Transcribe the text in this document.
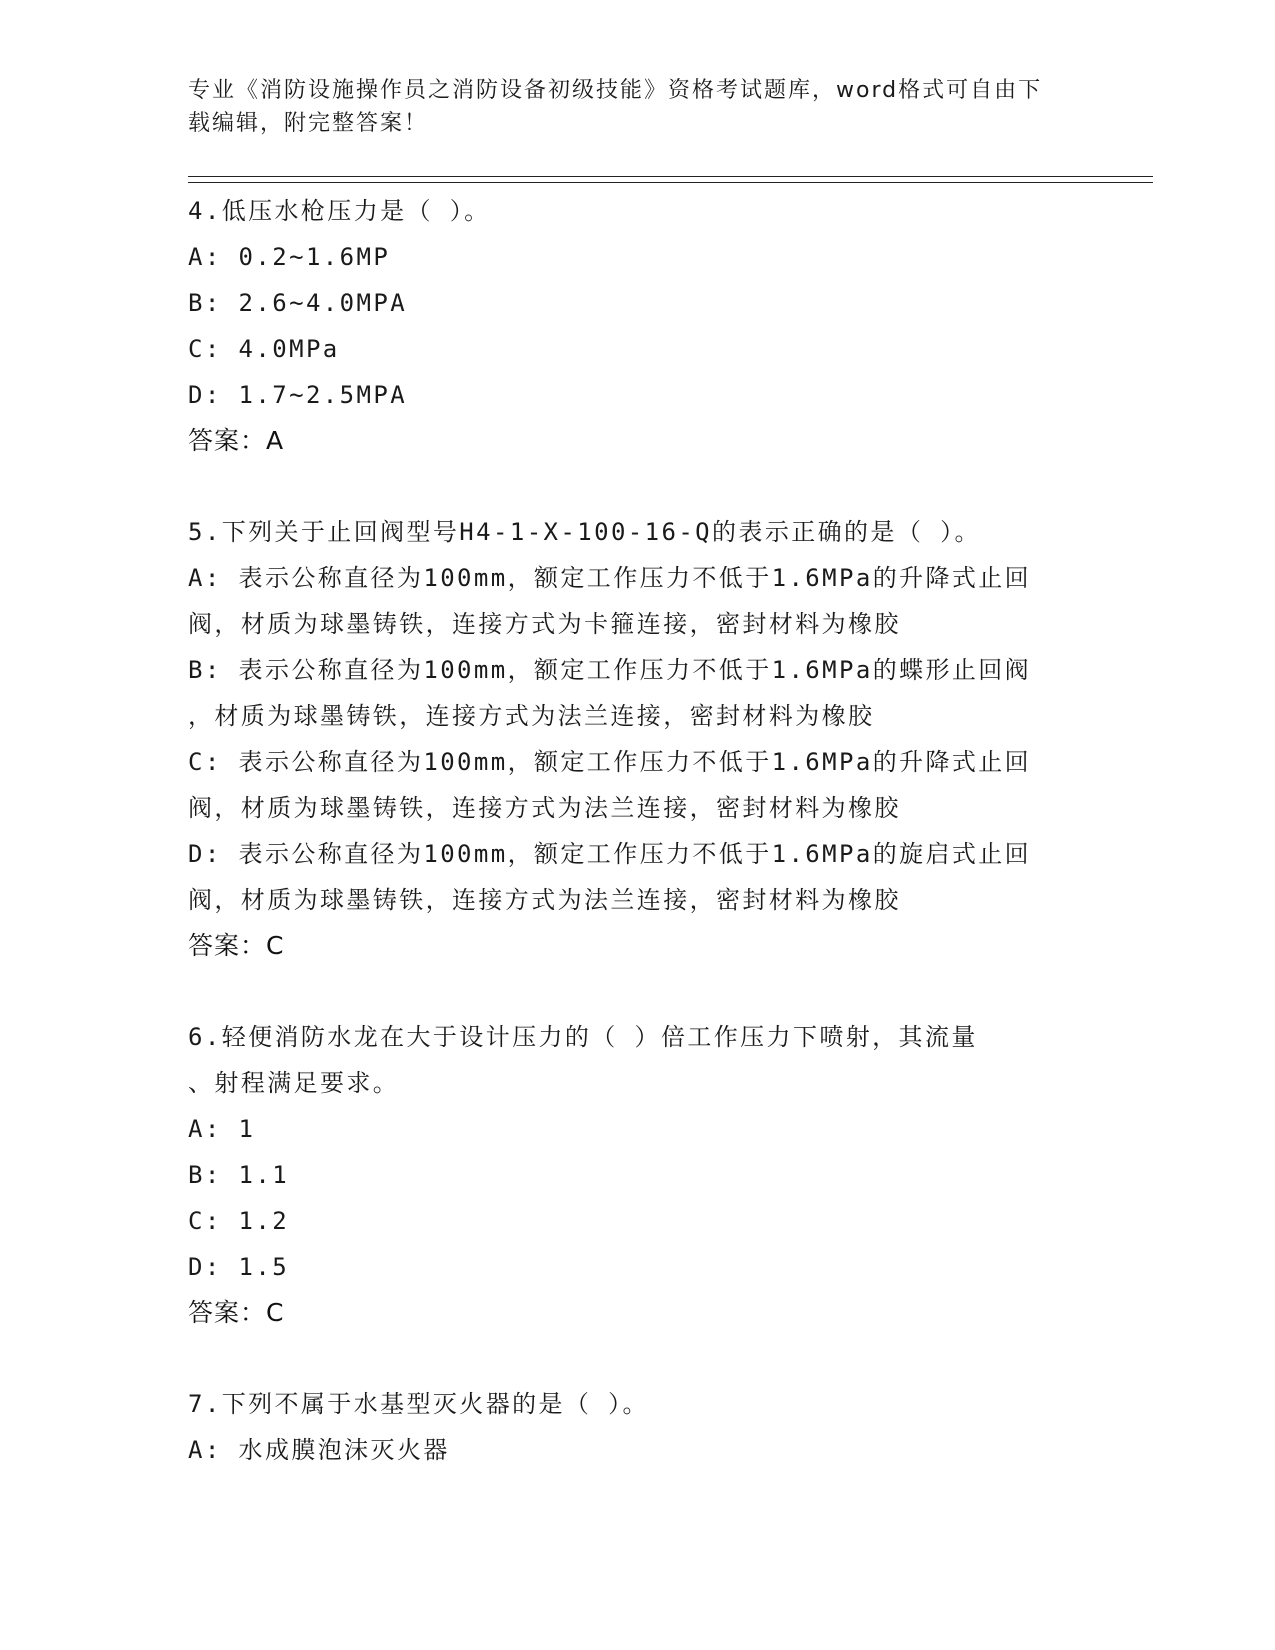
专业《消防设施操作员之消防设备初级技能》资格考试题库，word格式可自由下
载编辑，附完整答案！
4.低压水枪压力是（ ）。
A: 0.2~1.6MP
B: 2.6~4.0MPA
C: 4.0MPa
D: 1.7~2.5MPA
答案：A
5.下列关于止回阀型号H4-1-X-100-16-Q的表示正确的是（ ）。
A: 表示公称直径为100mm，额定工作压力不低于1.6MPa的升降式止回
阀，材质为球墨铸铁，连接方式为卡箍连接，密封材料为橡胶
B: 表示公称直径为100mm，额定工作压力不低于1.6MPa的蝶形止回阀
，材质为球墨铸铁，连接方式为法兰连接，密封材料为橡胶
C: 表示公称直径为100mm，额定工作压力不低于1.6MPa的升降式止回
阀，材质为球墨铸铁，连接方式为法兰连接，密封材料为橡胶
D: 表示公称直径为100mm，额定工作压力不低于1.6MPa的旋启式止回
阀，材质为球墨铸铁，连接方式为法兰连接，密封材料为橡胶
答案：C
6.轻便消防水龙在大于设计压力的（ ）倍工作压力下喷射，其流量
、射程满足要求。
A: 1
B: 1.1
C: 1.2
D: 1.5
答案：C
7.下列不属于水基型灭火器的是（ ）。
A: 水成膜泡沫灭火器
